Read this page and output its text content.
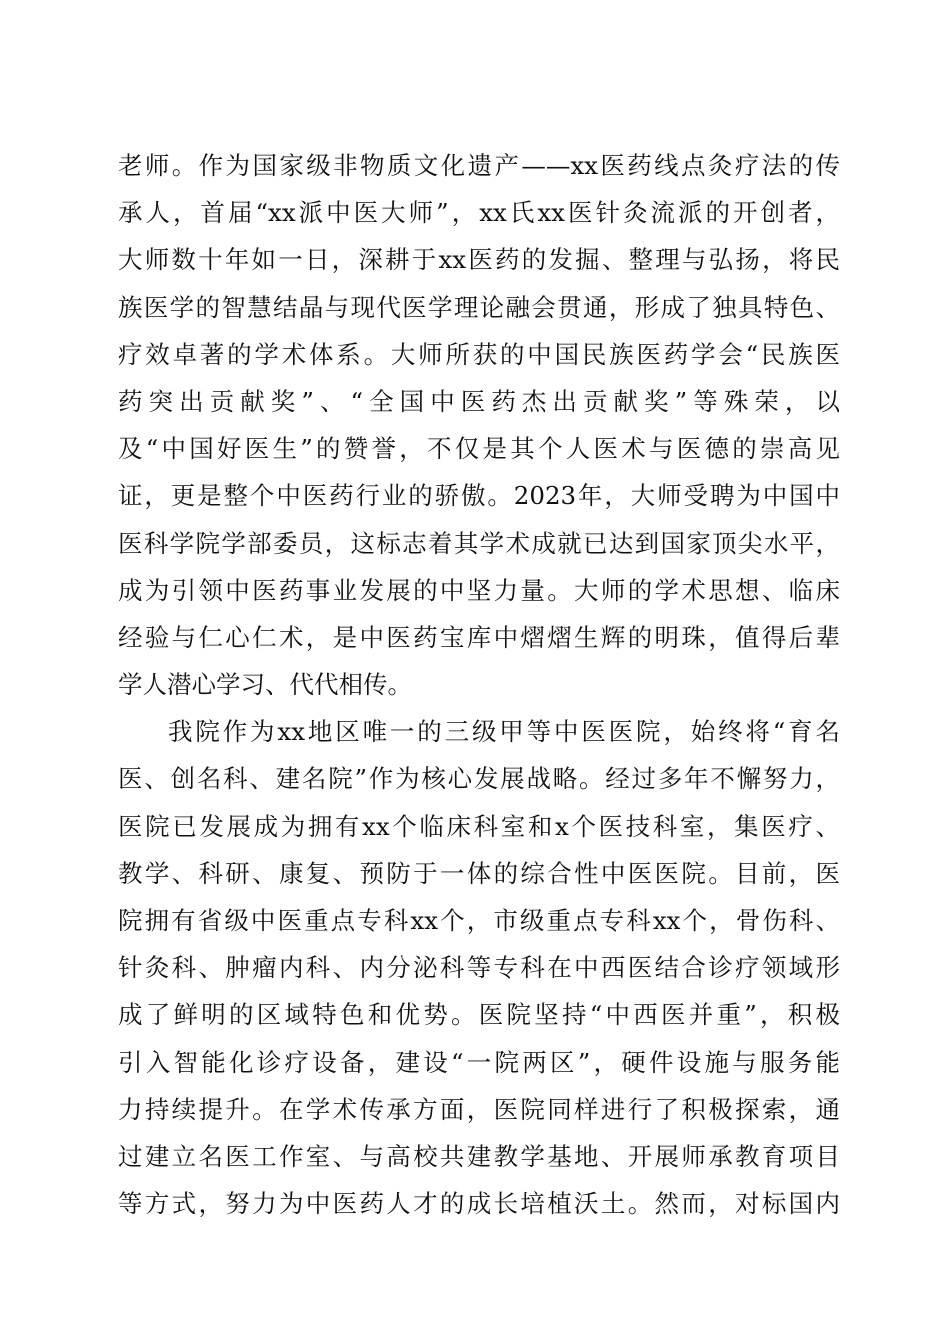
老师。作为国家级非物质文化遗产——xx医药线点灸疗法的传
承人，首届“xx派中医大师”，xx氏xx医针灸流派的开创者，
大师数十年如一日，深耕于xx医药的发掘、整理与弘扬，将民
族医学的智慧结晶与现代医学理论融会贯通，形成了独具特色、
疗效卓著的学术体系。大师所获的中国民族医药学会“民族医
药突出贡献奖”、“全国中医药杰出贡献奖”等殊荣，以
及“中国好医生”的赞誉，不仅是其个人医术与医德的崇高见
证，更是整个中医药行业的骄傲。2023年，大师受聘为中国中
医科学院学部委员，这标志着其学术成就已达到国家顶尖水平，
成为引领中医药事业发展的中坚力量。大师的学术思想、临床
经验与仁心仁术，是中医药宝库中熠熠生辉的明珠，值得后辈
学人潜心学习、代代相传。
我院作为xx地区唯一的三级甲等中医医院，始终将“育名
医、创名科、建名院”作为核心发展战略。经过多年不懈努力，
医院已发展成为拥有xx个临床科室和x个医技科室，集医疗、
教学、科研、康复、预防于一体的综合性中医医院。目前，医
院拥有省级中医重点专科xx个，市级重点专科xx个，骨伤科、
针灸科、肿瘤内科、内分泌科等专科在中西医结合诊疗领域形
成了鲜明的区域特色和优势。医院坚持“中西医并重”，积极
引入智能化诊疗设备，建设“一院两区”，硬件设施与服务能
力持续提升。在学术传承方面，医院同样进行了积极探索，通
过建立名医工作室、与高校共建教学基地、开展师承教育项目
等方式，努力为中医药人才的成长培植沃土。然而，对标国内
